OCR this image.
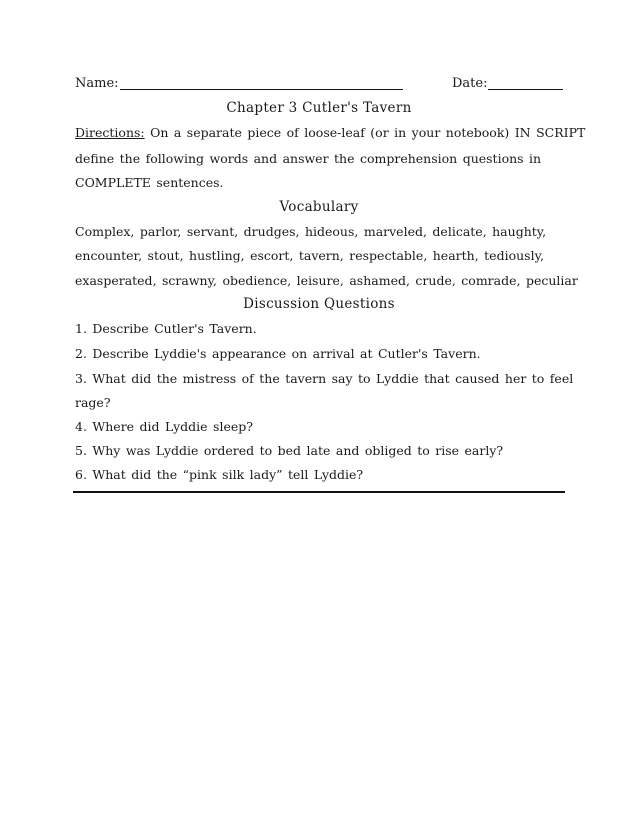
Name:	Date:
Chapter 3 Cutler's Tavern
Directions: On a separate piece of loose-leaf (or in your notebook) IN SCRIPT
define the following words and answer the comprehension questions in
COMPLETE sentences.
Vocabulary
Complex, parlor, servant, drudges, hideous, marveled, delicate, haughty,
encounter, stout, hustling, escort, tavern, respectable, hearth, tediously,
exasperated, scrawny, obedience, leisure, ashamed, crude, comrade, peculiar
Discussion Questions
1. Describe Cutler's Tavern.
2. Describe Lyddie's appearance on arrival at Cutler's Tavern.
3. What did the mistress of the tavern say to Lyddie that caused her to feel
rage?
4. Where did Lyddie sleep?
5. Why was Lyddie ordered to bed late and obliged to rise early?
6. What did the “pink silk lady” tell Lyddie?
